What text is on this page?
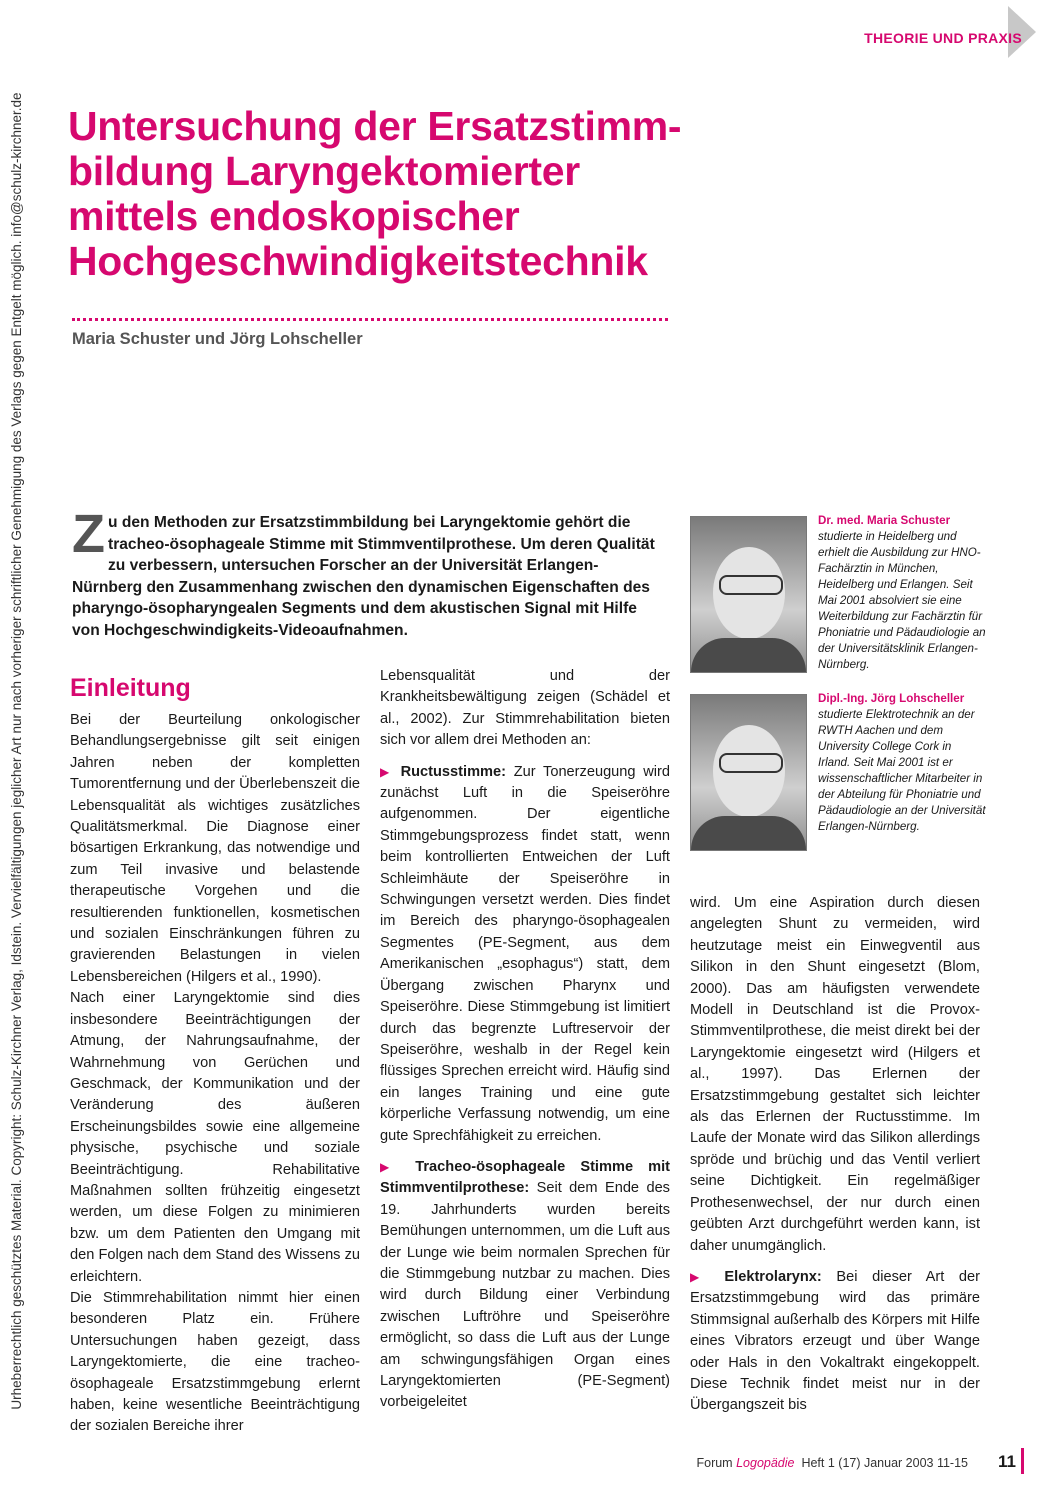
Urheberrechtlich geschütztes Material. Copyright: Schulz-Kirchner Verlag, Idstein. Vervielfältigungen jeglicher Art nur nach vorheriger schriftlicher Genehmigung des Verlags gegen Entgelt möglich. info@schulz-kirchner.de
THEORIE UND PRAXIS
Untersuchung der Ersatzstimm-bildung Laryngektomierter mittels endoskopischer Hochgeschwindigkeitstechnik
Maria Schuster und Jörg Lohscheller
Zu den Methoden zur Ersatzstimmbildung bei Laryngektomie gehört die tracheo-ösophageale Stimme mit Stimmventilprothese. Um deren Qualität zu verbessern, untersuchen Forscher an der Universität Erlangen-Nürnberg den Zusammenhang zwischen den dynamischen Eigenschaften des pharyngo-ösopharyngealen Segments und dem akustischen Signal mit Hilfe von Hochgeschwindigkeits-Videoaufnahmen.
Einleitung

Bei der Beurteilung onkologischer Behandlungsergebnisse gilt seit einigen Jahren neben der kompletten Tumorentfernung und der Überlebenszeit die Lebensqualität als wichtiges zusätzliches Qualitätsmerkmal. Die Diagnose einer bösartigen Erkrankung, das notwendige und zum Teil invasive und belastende therapeutische Vorgehen und die resultierenden funktionellen, kosmetischen und sozialen Einschränkungen führen zu gravierenden Belastungen in vielen Lebensbereichen (Hilgers et al., 1990).

Nach einer Laryngektomie sind dies insbesondere Beeinträchtigungen der Atmung, der Nahrungsaufnahme, der Wahrnehmung von Gerüchen und Geschmack, der Kommunikation und der Veränderung des äußeren Erscheinungsbildes sowie eine allgemeine physische, psychische und soziale Beeinträchtigung. Rehabilitative Maßnahmen sollten frühzeitig eingesetzt werden, um diese Folgen zu minimieren bzw. um dem Patienten den Umgang mit den Folgen nach dem Stand des Wissens zu erleichtern.

Die Stimmrehabilitation nimmt hier einen besonderen Platz ein. Frühere Untersuchungen haben gezeigt, dass Laryngektomierte, die eine tracheo-ösophageale Ersatzstimmgebung erlernt haben, keine wesentliche Beeinträchtigung der sozialen Bereiche ihrer

Lebensqualität und der Krankheitsbewältigung zeigen (Schädel et al., 2002). Zur Stimmrehabilitation bieten sich vor allem drei Methoden an:

▶ Ructusstimme: Zur Tonerzeugung wird zunächst Luft in die Speiseröhre aufgenommen. Der eigentliche Stimmgebungsprozess findet statt, wenn beim kontrollierten Entweichen der Luft Schleimhäute der Speiseröhre in Schwingungen versetzt werden. Dies findet im Bereich des pharyngo-ösophagealen Segmentes (PE-Segment, aus dem Amerikanischen „esophagus“) statt, dem Übergang zwischen Pharynx und Speiseröhre. Diese Stimmgebung ist limitiert durch das begrenzte Luftreservoir der Speiseröhre, weshalb in der Regel kein flüssiges Sprechen erreicht wird. Häufig sind ein langes Training und eine gute körperliche Verfassung notwendig, um eine gute Sprechfähigkeit zu erreichen.

▶ Tracheo-ösophageale Stimme mit Stimmventilprothese: Seit dem Ende des 19. Jahrhunderts wurden bereits Bemühungen unternommen, um die Luft aus der Lunge wie beim normalen Sprechen für die Stimmgebung nutzbar zu machen. Dies wird durch Bildung einer Verbindung zwischen Luftröhre und Speiseröhre ermöglicht, so dass die Luft aus der Lunge am schwingungsfähigen Organ eines Laryngektomierten (PE-Segment) vorbeigeleitet

wird. Um eine Aspiration durch diesen angelegten Shunt zu vermeiden, wird heutzutage meist ein Einwegventil aus Silikon in den Shunt eingesetzt (Blom, 2000). Das am häufigsten verwendete Modell in Deutschland ist die Provox-Stimmventilprothese, die meist direkt bei der Laryngektomie eingesetzt wird (Hilgers et al., 1997). Das Erlernen der Ersatzstimmgebung gestaltet sich leichter als das Erlernen der Ructusstimme. Im Laufe der Monate wird das Silikon allerdings spröde und brüchig und das Ventil verliert seine Dichtigkeit. Ein regelmäßiger Prothesenwechsel, der nur durch einen geübten Arzt durchgeführt werden kann, ist daher unumgänglich.

▶ Elektrolarynx: Bei dieser Art der Ersatzstimmgebung wird das primäre Stimmsignal außerhalb des Körpers mit Hilfe eines Vibrators erzeugt und über Wange oder Hals in den Vokaltrakt eingekoppelt. Diese Technik findet meist nur in der Übergangszeit bis

Dr. med. Maria Schuster
studierte in Heidelberg und erhielt die Ausbildung zur HNO-Fachärztin in München, Heidelberg und Erlangen. Seit Mai 2001 absolviert sie eine Weiterbildung zur Fachärztin für Phoniatrie und Pädaudiologie an der Universitätsklinik Erlangen-Nürnberg.
Dipl.-Ing. Jörg Lohscheller
studierte Elektrotechnik an der RWTH Aachen und dem University College Cork in Irland. Seit Mai 2001 ist er wissenschaftlicher Mitarbeiter in der Abteilung für Phoniatrie und Pädaudiologie an der Universität Erlangen-Nürnberg.
Forum Logopädie Heft 1 (17) Januar 2003 11-15 11
